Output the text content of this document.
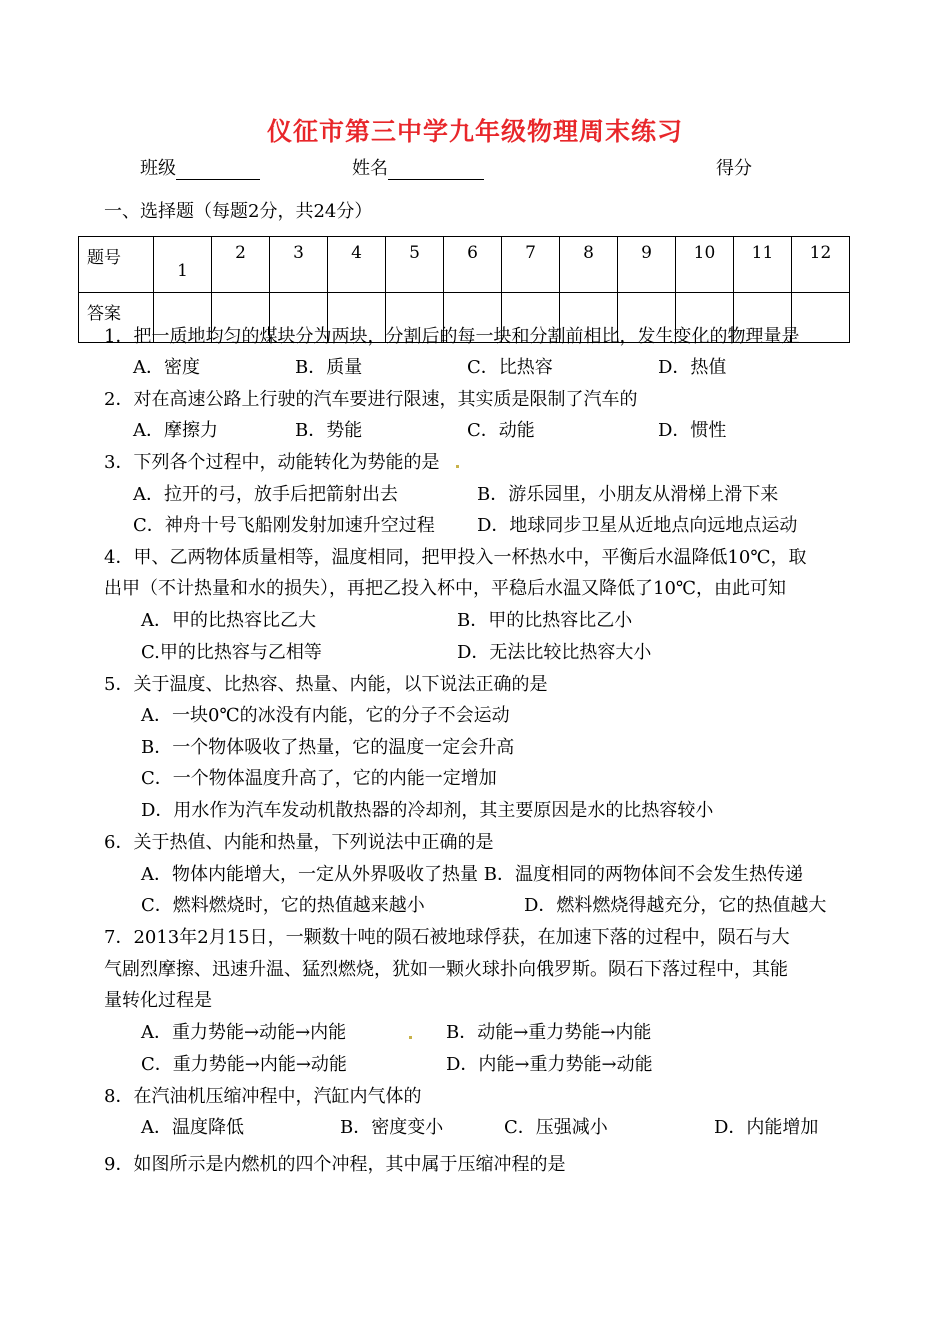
仪征市第三中学九年级物理周末练习
班级	姓名	得分
一、选择题（每题2分，共24分）
题号	1	2	3	4	5	6	7	8	9	10	11	12
答案												
1．把一质地均匀的煤块分为两块，分割后的每一块和分割前相比，发生变化的物理量是
A．密度	B．质量	C．比热容	D．热值
2．对在高速公路上行驶的汽车要进行限速，其实质是限制了汽车的
A．摩擦力	B．势能	C．动能	D．惯性
3．下列各个过程中，动能转化为势能的是
A．拉开的弓，放手后把箭射出去	B．游乐园里，小朋友从滑梯上滑下来
C．神舟十号飞船刚发射加速升空过程 D．地球同步卫星从近地点向远地点运动
4．甲、乙两物体质量相等，温度相同，把甲投入一杯热水中，平衡后水温降低10℃，取
出甲（不计热量和水的损失），再把乙投入杯中，平稳后水温又降低了10℃，由此可知
A．甲的比热容比乙大	B．甲的比热容比乙小
C.甲的比热容与乙相等	D．无法比较比热容大小
5．关于温度、比热容、热量、内能，以下说法正确的是
A．一块0℃的冰没有内能，它的分子不会运动
B．一个物体吸收了热量，它的温度一定会升高
C．一个物体温度升高了，它的内能一定增加
D．用水作为汽车发动机散热器的冷却剂，其主要原因是水的比热容较小
6．关于热值、内能和热量，下列说法中正确的是
A．物体内能增大，一定从外界吸收了热量 B．温度相同的两物体间不会发生热传递
C．燃料燃烧时，它的热值越来越小	D．燃料燃烧得越充分，它的热值越大
7．2013年2月15日，一颗数十吨的陨石被地球俘获，在加速下落的过程中，陨石与大
气剧烈摩擦、迅速升温、猛烈燃烧，犹如一颗火球扑向俄罗斯。陨石下落过程中，其能
量转化过程是
A．重力势能→动能→内能	B．动能→重力势能→内能
C．重力势能→内能→动能	D．内能→重力势能→动能
8．在汽油机压缩冲程中，汽缸内气体的
A．温度降低	B．密度变小	C．压强减小	D．内能增加
9．如图所示是内燃机的四个冲程，其中属于压缩冲程的是
